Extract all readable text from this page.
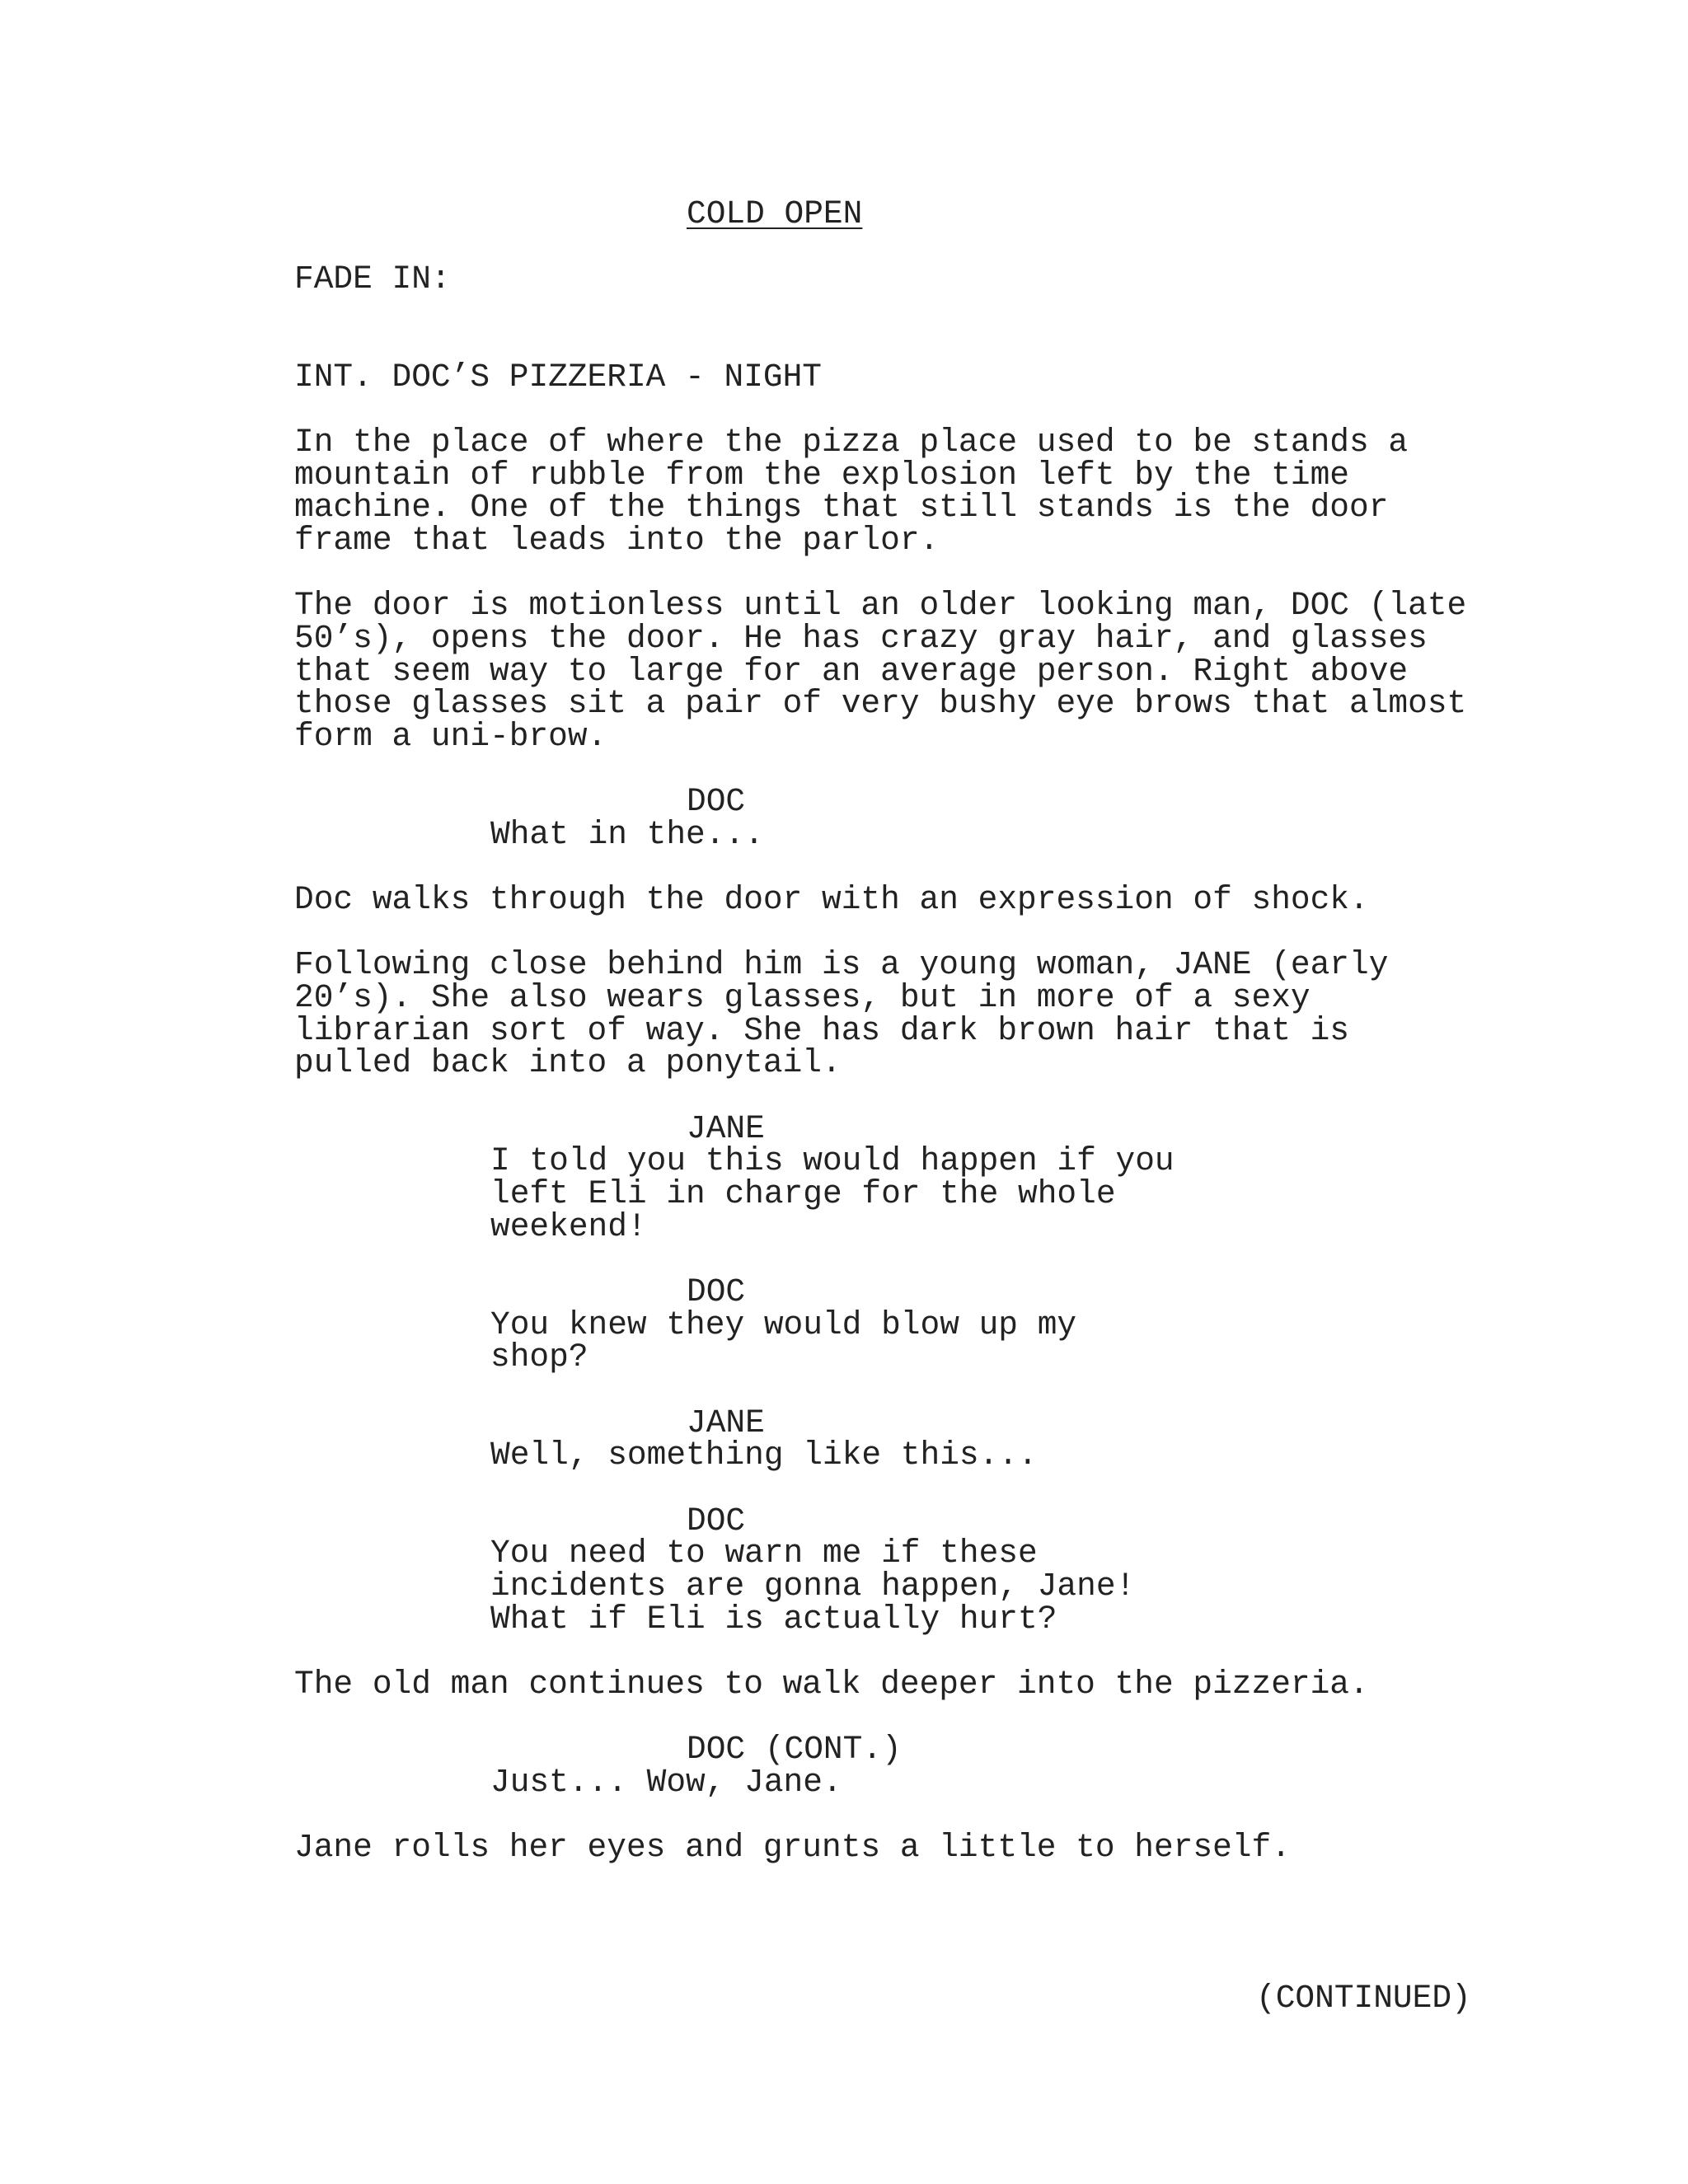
COLD OPEN
FADE IN:
INT. DOC’S PIZZERIA - NIGHT
In the place of where the pizza place used to be stands a
mountain of rubble from the explosion left by the time
machine. One of the things that still stands is the door
frame that leads into the parlor.
The door is motionless until an older looking man, DOC (late
50’s), opens the door. He has crazy gray hair, and glasses
that seem way to large for an average person. Right above
those glasses sit a pair of very bushy eye brows that almost
form a uni-brow.
DOC
What in the...
Doc walks through the door with an expression of shock.
Following close behind him is a young woman, JANE (early
20’s). She also wears glasses, but in more of a sexy
librarian sort of way. She has dark brown hair that is
pulled back into a ponytail.
JANE
I told you this would happen if you
left Eli in charge for the whole
weekend!
DOC
You knew they would blow up my
shop?
JANE
Well, something like this...
DOC
You need to warn me if these
incidents are gonna happen, Jane!
What if Eli is actually hurt?
The old man continues to walk deeper into the pizzeria.
DOC (CONT.)
Just... Wow, Jane.
Jane rolls her eyes and grunts a little to herself.
(CONTINUED)
